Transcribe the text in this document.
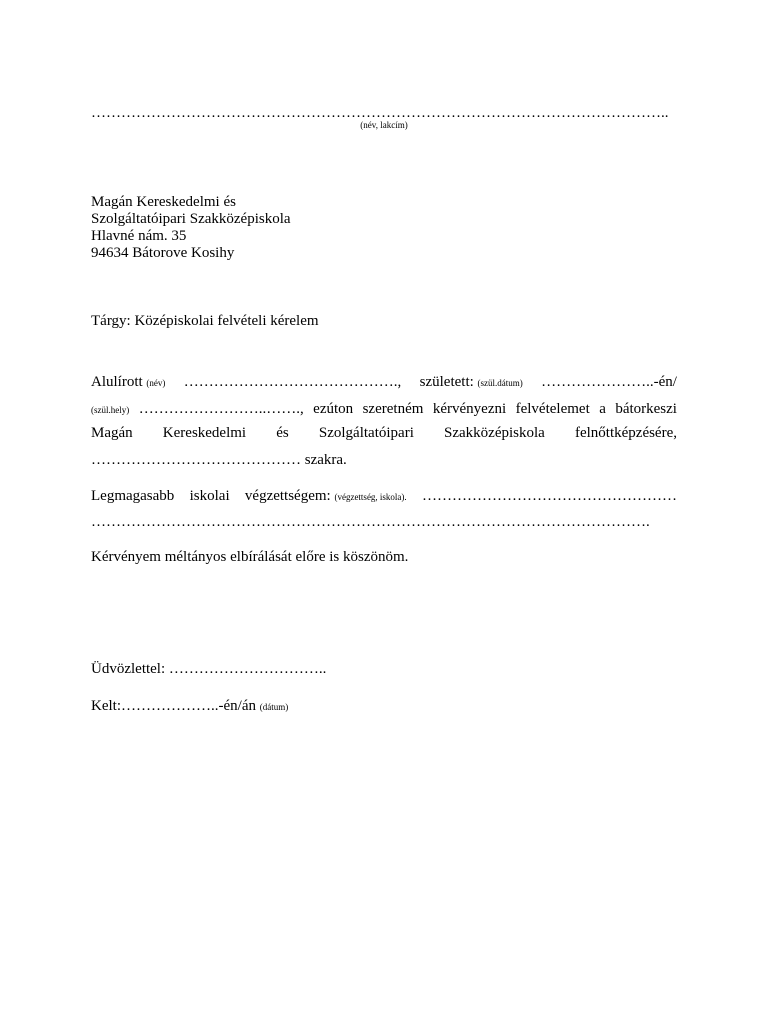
……………………………………………………………………………………………………..
(név, lakcím)
Magán Kereskedelmi és
Szolgáltatóipari Szakközépiskola
Hlavné nám. 35
94634 Bátorove Kosihy
Tárgy: Középiskolai felvételi kérelem
Alulírott (név) ……………………………………., született: (szül.dátum) …………………..-én/
(szül.hely) ……………………..……., ezúton szeretném kérvényezni felvételemet a bátorkeszi
Magán Kereskedelmi és Szolgáltatóipari Szakközépiskola felnőttképzésére,
…………………………………… szakra.
Legmagasabb iskolai végzettségem: (végzettség, iskola). ……………………………………………
………………………………………………………………………………………………….
Kérvényem méltányos elbírálását előre is köszönöm.
Üdvözlettel: …………………………..
Kelt:………………..-én/án (dátum)
